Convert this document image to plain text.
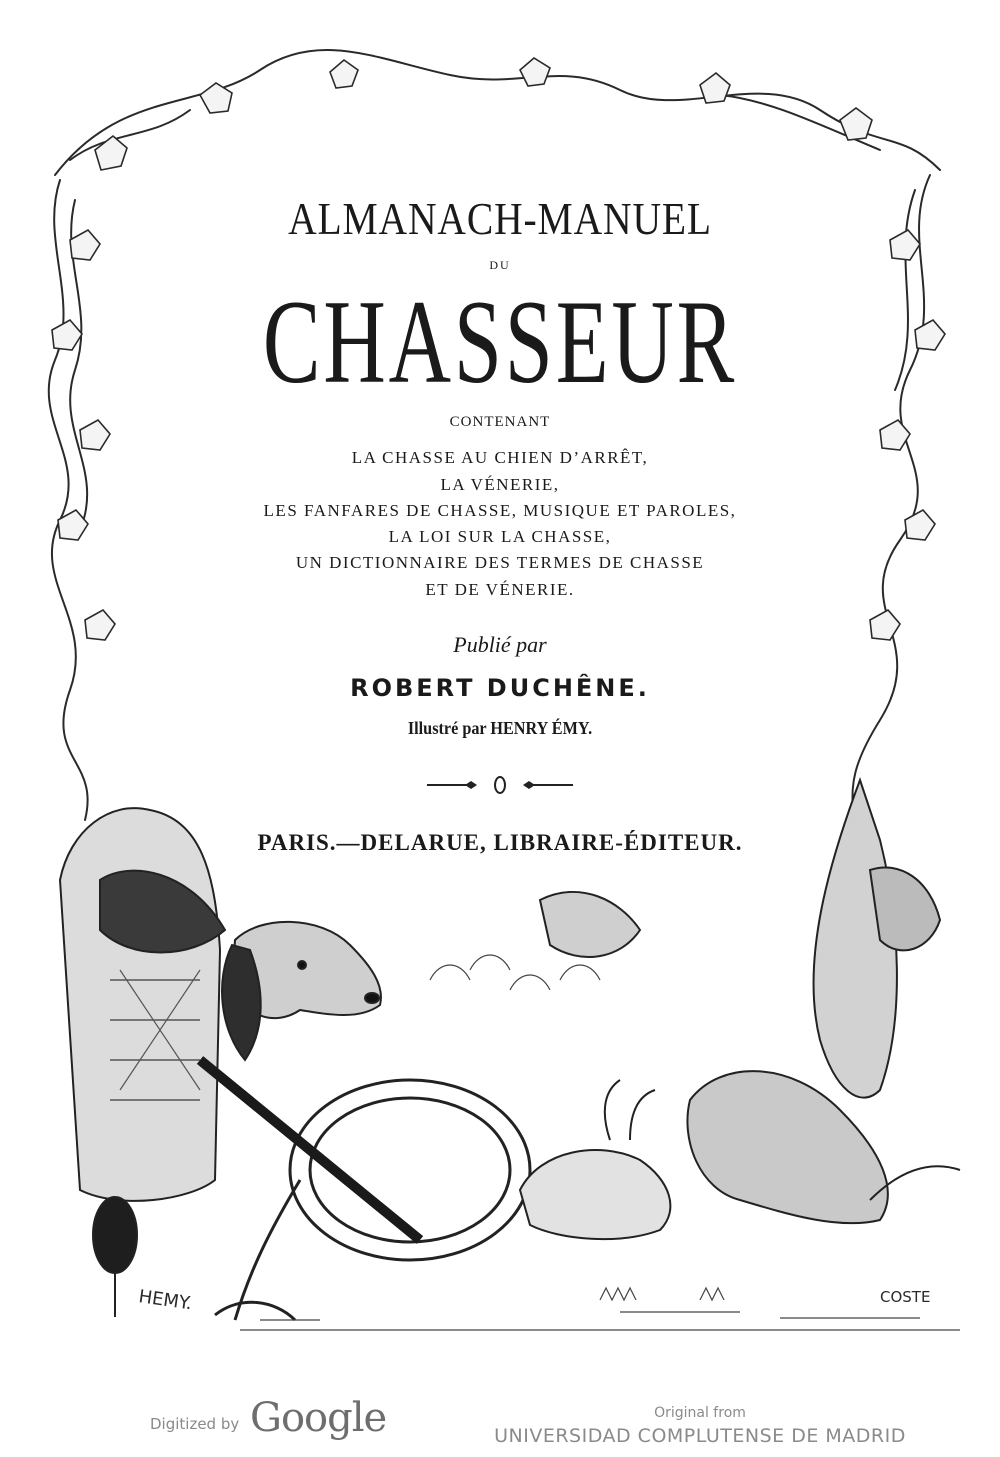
HEMY.	COSTE
ALMANACH-MANUEL
DU
CHASSEUR
CONTENANT
LA CHASSE AU CHIEN D’ARRÊT,
LA VÉNERIE,
LES FANFARES DE CHASSE, MUSIQUE ET PAROLES,
LA LOI SUR LA CHASSE,
UN DICTIONNAIRE DES TERMES DE CHASSE
ET DE VÉNERIE.
Publié par
ROBERT DUCHÊNE.
Illustré par HENRY ÉMY.
PARIS.—DELARUE, LIBRAIRE-ÉDITEUR.
Digitized by Google	Original from
UNIVERSIDAD COMPLUTENSE DE MADRID
